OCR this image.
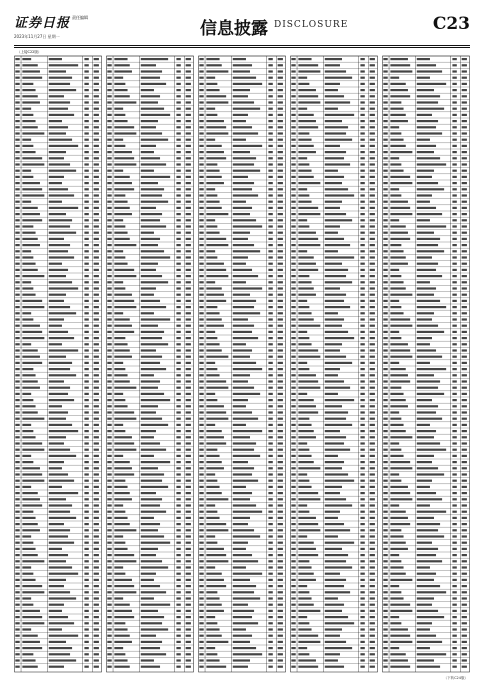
证券日报 责任编辑
2023年11月27日 星期一	信息披露 DISCLOSURE	C23
（上接C22版）
（下转C24版）
